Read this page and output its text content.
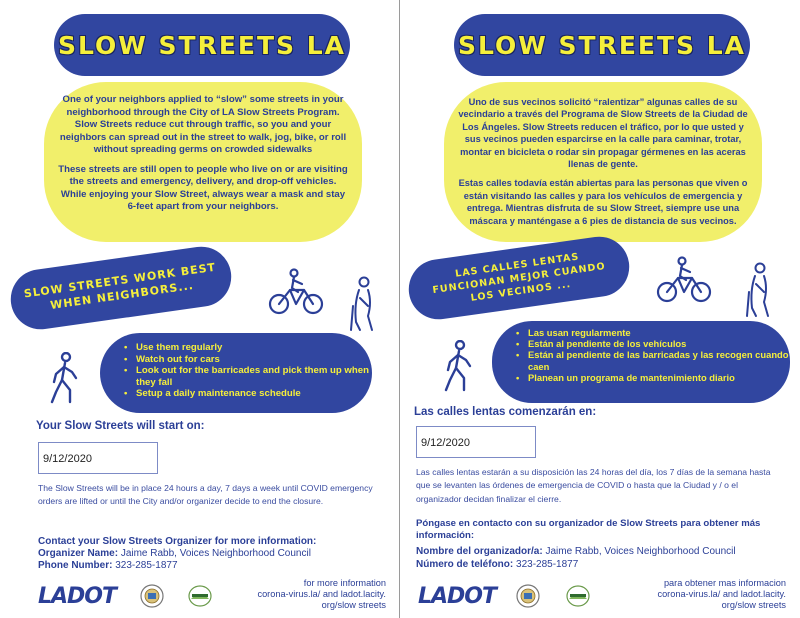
SLOW STREETS LA

One of your neighbors applied to “slow” some streets in your neighborhood through the City of LA Slow Streets Program. Slow Streets reduce cut through traffic, so you and your neighbors can spread out in the street to walk, jog, bike, or roll without spreading germs on crowded sidewalks

These streets are still open to people who live on or are visiting the streets and emergency, delivery, and drop-off vehicles. While enjoying your Slow Street, always wear a mask and stay 6-feet apart from your neighbors.

SLOW STREETS WORK BEST WHEN NEIGHBORS...
• Use them regularly
• Watch out for cars
• Look out for the barricades and pick them up when they fall
• Setup a daily maintenance schedule
Your Slow Streets will start on:
9/12/2020
The Slow Streets will be in place 24 hours a day, 7 days a week until COVID emergency orders are lifted or until the City and/or organizer decide to end the closure.
Contact your Slow Streets Organizer for more information:
Organizer Name: Jaime Rabb, Voices Neighborhood Council
Phone Number: 323-285-1877
LADOT
for more information
corona-virus.la/ and ladot.lacity.
org/slow streets
SLOW STREETS LA

Uno de sus vecinos solicitó “ralentizar” algunas calles de su vecindario a través del Programa de Slow Streets de la Ciudad de Los Ángeles. Slow Streets reducen el tráfico, por lo que usted y sus vecinos pueden esparcirse en la calle para caminar, trotar, montar en bicicleta o rodar sin propagar gérmenes en las aceras llenas de gente.

Estas calles todavía están abiertas para las personas que viven o están visitando las calles y para los vehículos de emergencia y entrega. Mientras disfruta de su Slow Street, siempre use una máscara y manténgase a 6 pies de distancia de sus vecinos.

LAS CALLES LENTAS FUNCIONAN MEJOR CUANDO LOS VECINOS ...
• Las usan regularmente
• Están al pendiente de los vehículos
• Están al pendiente de las barricadas y las recogen cuando caen
• Planean un programa de mantenimiento diario
Las calles lentas comenzarán en:
9/12/2020
Las calles lentas estarán a su disposición las 24 horas del día, los 7 días de la semana hasta que se levanten las órdenes de emergencia de COVID o hasta que la Ciudad y / o el organizador decidan finalizar el cierre.
Póngase en contacto con su organizador de Slow Streets para obtener más información:
Nombre del organizador/a: Jaime Rabb, Voices Neighborhood Council
Número de teléfono: 323-285-1877
LADOT
para obtener mas informacion
corona-virus.la/ and ladot.lacity.
org/slow streets
